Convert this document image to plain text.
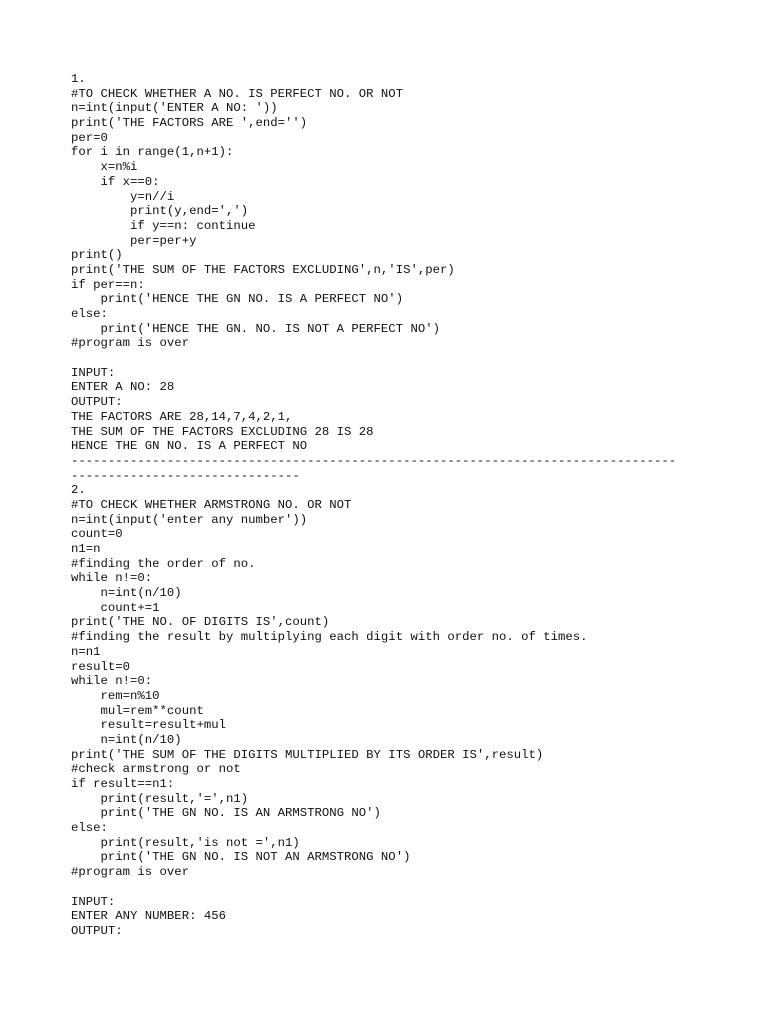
1.
#TO CHECK WHETHER A NO. IS PERFECT NO. OR NOT
n=int(input('ENTER A NO: '))
print('THE FACTORS ARE ',end='')
per=0
for i in range(1,n+1):
x=n%i
if x==0:
y=n//i
print(y,end=',')
if y==n: continue
per=per+y
print()
print('THE SUM OF THE FACTORS EXCLUDING',n,'IS',per)
if per==n:
print('HENCE THE GN NO. IS A PERFECT NO')
else:
print('HENCE THE GN. NO. IS NOT A PERFECT NO')
#program is over
INPUT:
ENTER A NO: 28
OUTPUT:
THE FACTORS ARE 28,14,7,4,2,1,
THE SUM OF THE FACTORS EXCLUDING 28 IS 28
HENCE THE GN NO. IS A PERFECT NO
----------------------------------------------------------------------------------
-------------------------------
2.
#TO CHECK WHETHER ARMSTRONG NO. OR NOT
n=int(input('enter any number'))
count=0
n1=n
#finding the order of no.
while n!=0:
n=int(n/10)
count+=1
print('THE NO. OF DIGITS IS',count)
#finding the result by multiplying each digit with order no. of times.
n=n1
result=0
while n!=0:
rem=n%10
mul=rem**count
result=result+mul
n=int(n/10)
print('THE SUM OF THE DIGITS MULTIPLIED BY ITS ORDER IS',result)
#check armstrong or not
if result==n1:
print(result,'=',n1)
print('THE GN NO. IS AN ARMSTRONG NO')
else:
print(result,'is not =',n1)
print('THE GN NO. IS NOT AN ARMSTRONG NO')
#program is over
INPUT:
ENTER ANY NUMBER: 456
OUTPUT:
